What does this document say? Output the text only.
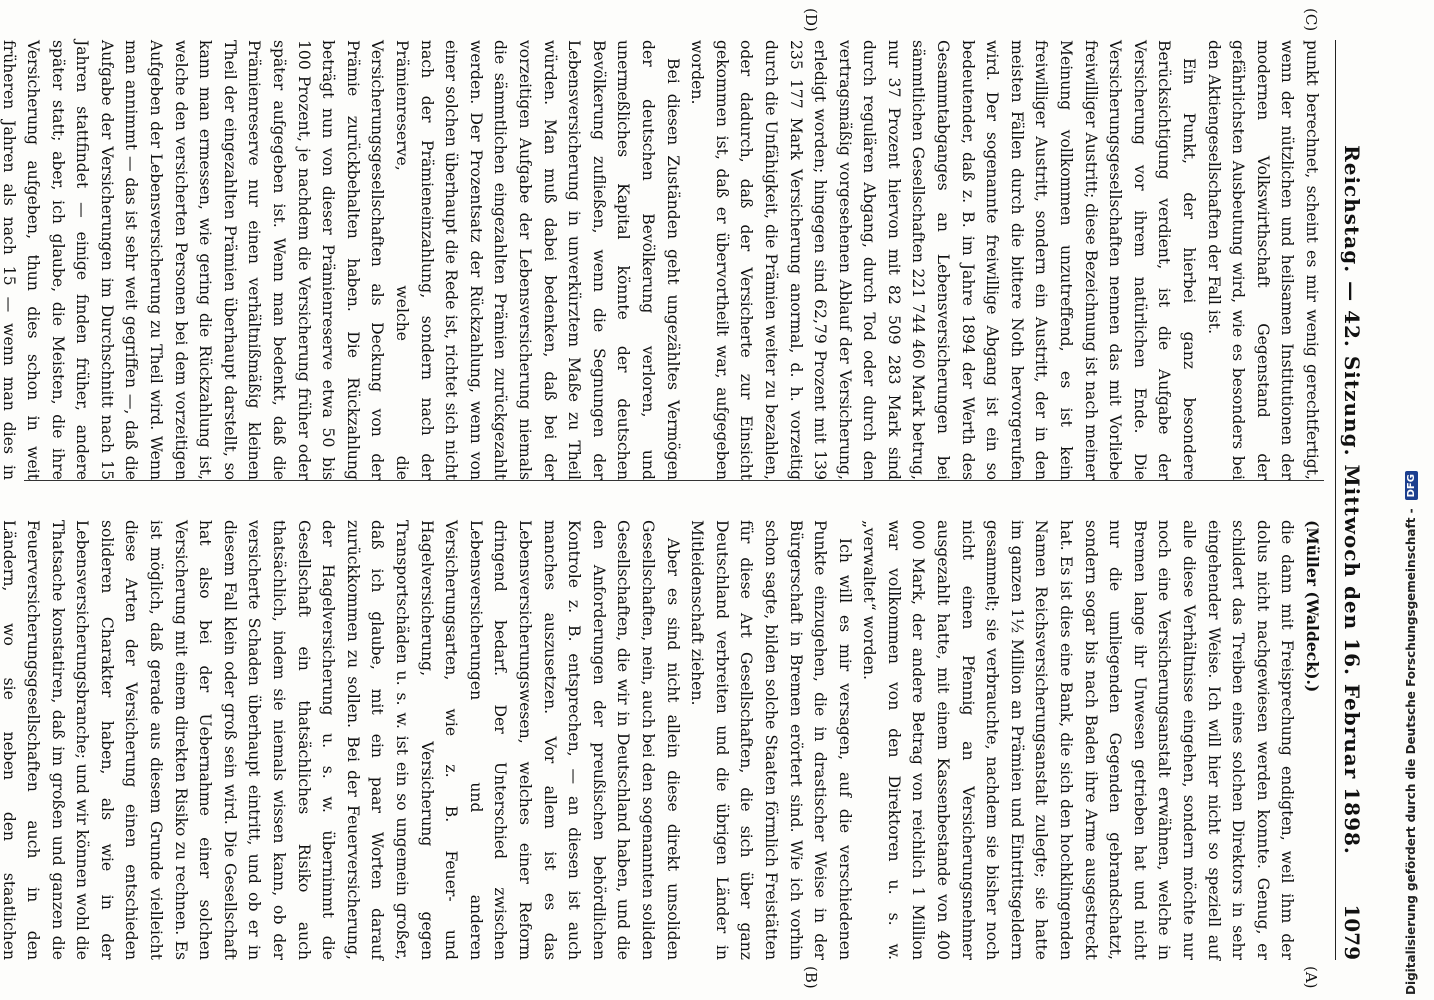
Reichstag. — 42. Sitzung. Mittwoch den 16. Februar 1898.
1079
(C)
(D)
(A)
(B)

punkt berechnet, scheint es mir wenig gerechtfertigt, wenn der nützlichen und heilsamen Institutionen der modernen Volkswirthschaft Gegenstand der gefährlichsten Ausbeutung wird, wie es besonders bei den Aktiengesellschaften der Fall ist.

Ein Punkt, der hierbei ganz besondere Berücksichtigung verdient, ist die Aufgabe der Versicherung vor ihrem natürlichen Ende. Die Versicherungsgesellschaften nennen das mit Vorliebe freiwilliger Austritt; diese Bezeichnung ist nach meiner Meinung vollkommen unzutreffend, es ist kein freiwilliger Austritt, sondern ein Austritt, der in den meisten Fällen durch die bittere Noth hervorgerufen wird. Der sogenannte freiwillige Abgang ist ein so bedeutender, daß z. B. im Jahre 1894 der Werth des Gesammtabganges an Lebensversicherungen bei sämmtlichen Gesellschaften 221 744 460 Mark betrug, nur 37 Prozent hiervon mit 82 509 283 Mark sind durch regulären Abgang, durch Tod oder durch den vertragsmäßig vorgesehenen Ablauf der Versicherung, erledigt worden; hingegen sind 62,79 Prozent mit 139 235 177 Mark Versicherung anormal, d. h. vorzeitig durch die Unfähigkeit, die Prämien weiter zu bezahlen, oder dadurch, daß der Versicherte zur Einsicht gekommen ist, daß er übervortheilt war, aufgegeben worden.

Bei diesen Zuständen geht ungezähltes Vermögen der deutschen Bevölkerung verloren, und unermeßliches Kapital könnte der deutschen Bevölkerung zufließen, wenn die Segnungen der Lebensversicherung in unverkürztem Maße zu Theil würden. Man muß dabei bedenken, daß bei der vorzeitigen Aufgabe der Lebensversicherung niemals die sämmtlichen eingezahlten Prämien zurückgezahlt werden. Der Prozentsatz der Rückzahlung, wenn von einer solchen überhaupt die Rede ist, richtet sich nicht nach der Prämieneinzahlung, sondern nach der Prämienreserve, welche die Versicherungsgesellschaften als Deckung von der Prämie zurückbehalten haben. Die Rückzahlung beträgt nun von dieser Prämienreserve etwa 50 bis 100 Prozent, je nachdem die Versicherung früher oder später aufgegeben ist. Wenn man bedenkt, daß die Prämienreserve nur einen verhältnißmäßig kleinen Theil der eingezahlten Prämien überhaupt darstellt, so kann man ermessen, wie gering die Rückzahlung ist, welche den versicherten Personen bei dem vorzeitigen Aufgeben der Lebensversicherung zu Theil wird. Wenn man annimmt — das ist sehr weit gegriffen —, daß die Aufgabe der Versicherungen im Durchschnitt nach 15 Jahren stattfindet — einige finden früher, andere später statt; aber, ich glaube, die Meisten, die ihre Versicherung aufgeben, thun dies schon in weit früheren Jahren als nach 15 — wenn man dies in

(Müller (Waldeck).)

die dann mit Freisprechung endigten, weil ihm der dolus nicht nachgewiesen werden konnte. Genug, er schildert das Treiben eines solchen Direktors in sehr eingehender Weise. Ich will hier nicht so speziell auf alle diese Verhältnisse eingehen, sondern möchte nur noch eine Versicherungsanstalt erwähnen, welche in Bremen lange ihr Unwesen getrieben hat und nicht nur die umliegenden Gegenden gebrandschatzt, sondern sogar bis nach Baden ihre Arme ausgestreckt hat. Es ist dies eine Bank, die sich den hochklingenden Namen Reichsversicherungsanstalt zulegte; sie hatte im ganzen 1½ Million an Prämien und Eintrittsgeldern gesammelt; sie verbrauchte, nachdem sie bisher noch nicht einen Pfennig an Versicherungsnehmer ausgezahlt hatte, mit einem Kassenbestande von 400 000 Mark, der andere Betrag von reichlich 1 Million war vollkommen von den Direktoren u. s. w. „verwaltet“ worden.

Ich will es mir versagen, auf die verschiedenen Punkte einzugehen, die in drastischer Weise in der Bürgerschaft in Bremen erörtert sind. Wie ich vorhin schon sagte, bilden solche Staaten förmlich Freistätten für diese Art Gesellschaften, die sich über ganz Deutschland verbreiten und die übrigen Länder in Mitleidenschaft ziehen.

Aber es sind nicht allein diese direkt unsoliden Gesellschaften, nein, auch bei den sogenannten soliden Gesellschaften, die wir in Deutschland haben, und die den Anforderungen der preußischen behördlichen Kontrole z. B. entsprechen, — an diesen ist auch manches auszusetzen. Vor allem ist es das Lebensversicherungswesen, welches einer Reform dringend bedarf. Der Unterschied zwischen Lebensversicherungen und anderen Versicherungsarten, wie z. B. Feuer- und Hagelversicherung, Versicherung gegen Transportschäden u. s. w. ist ein so ungemein großer, daß ich glaube, mit ein paar Worten darauf zurückkommen zu sollen. Bei der Feuerversicherung, der Hagelversicherung u. s. w. übernimmt die Gesellschaft ein thatsächliches Risiko auch thatsächlich, indem sie niemals wissen kann, ob der versicherte Schaden überhaupt eintritt, und ob er in diesem Fall klein oder groß sein wird. Die Gesellschaft hat also bei der Uebernahme einer solchen Versicherung mit einem direkten Risiko zu rechnen. Es ist möglich, daß gerade aus diesem Grunde vielleicht diese Arten der Versicherung einen entschieden solideren Charakter haben, als wie in der Lebensversicherungsbranche; und wir können wohl die Thatsache konstatiren, daß im großen und ganzen die Feuerversicherungsgesellschaften auch in den Ländern, wo sie neben den staatlichen	Digitalisierung gefördert durch die Deutsche Forschungsgemeinschaft -
DFG
